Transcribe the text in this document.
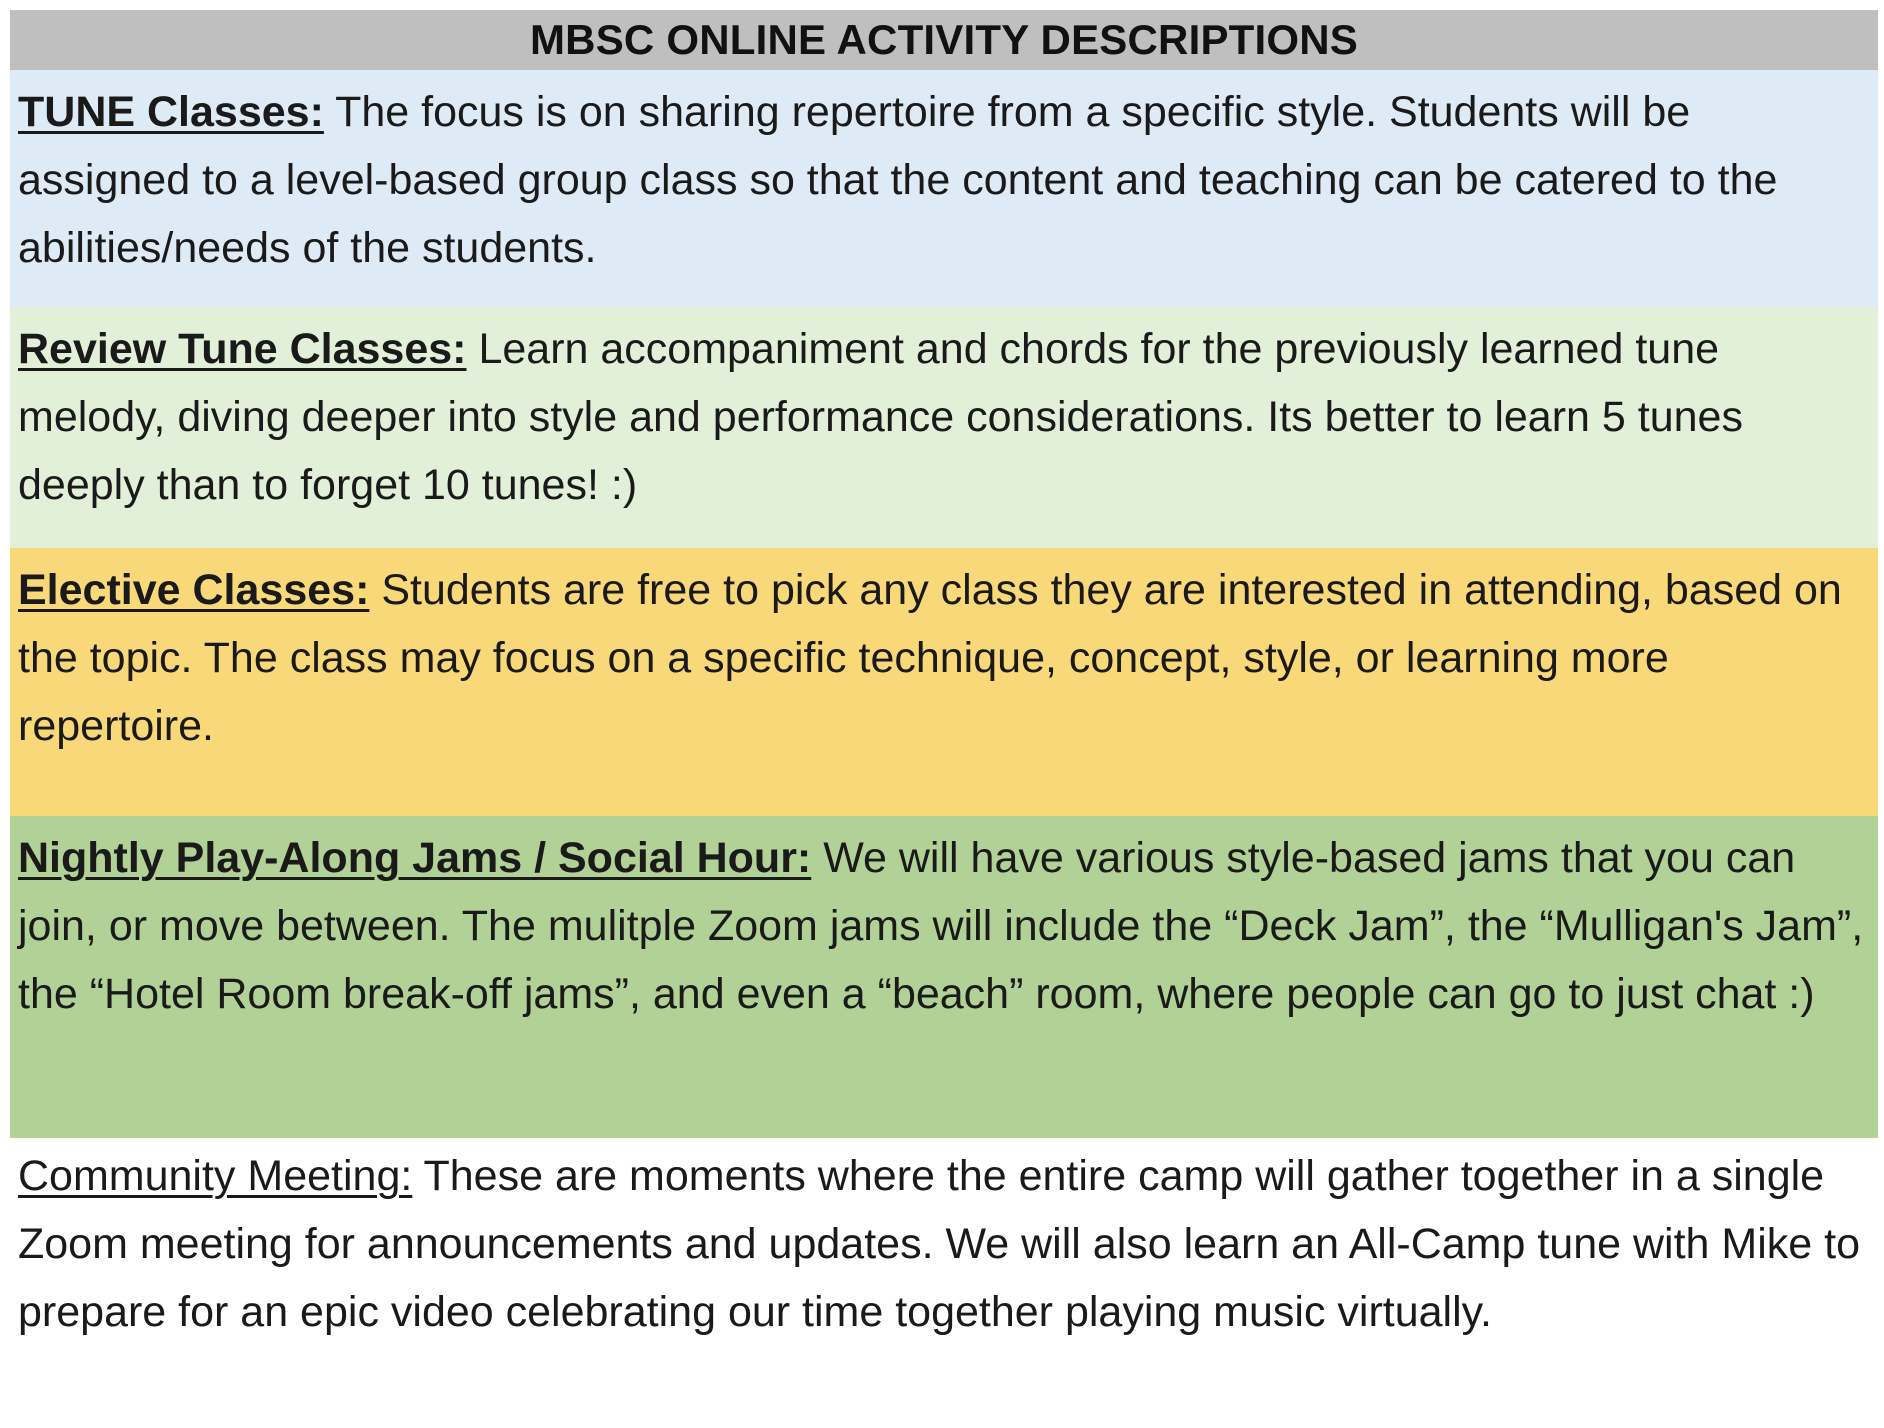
MBSC ONLINE ACTIVITY DESCRIPTIONS
TUNE Classes: The focus is on sharing repertoire from a specific style. Students will be assigned to a level-based group class so that the content and teaching can be catered to the abilities/needs of the students.
Review Tune Classes: Learn accompaniment and chords for the previously learned tune melody, diving deeper into style and performance considerations. Its better to learn 5 tunes deeply than to forget 10 tunes! :)
Elective Classes: Students are free to pick any class they are interested in attending, based on the topic. The class may focus on a specific technique, concept, style, or learning more repertoire.
Nightly Play-Along Jams / Social Hour: We will have various style-based jams that you can join, or move between. The mulitple Zoom jams will include the “Deck Jam”, the “Mulligan's Jam”, the “Hotel Room break-off jams”, and even a “beach” room, where people can go to just chat :)
Community Meeting: These are moments where the entire camp will gather together in a single Zoom meeting for announcements and updates. We will also learn an All-Camp tune with Mike to prepare for an epic video celebrating our time together playing music virtually.
